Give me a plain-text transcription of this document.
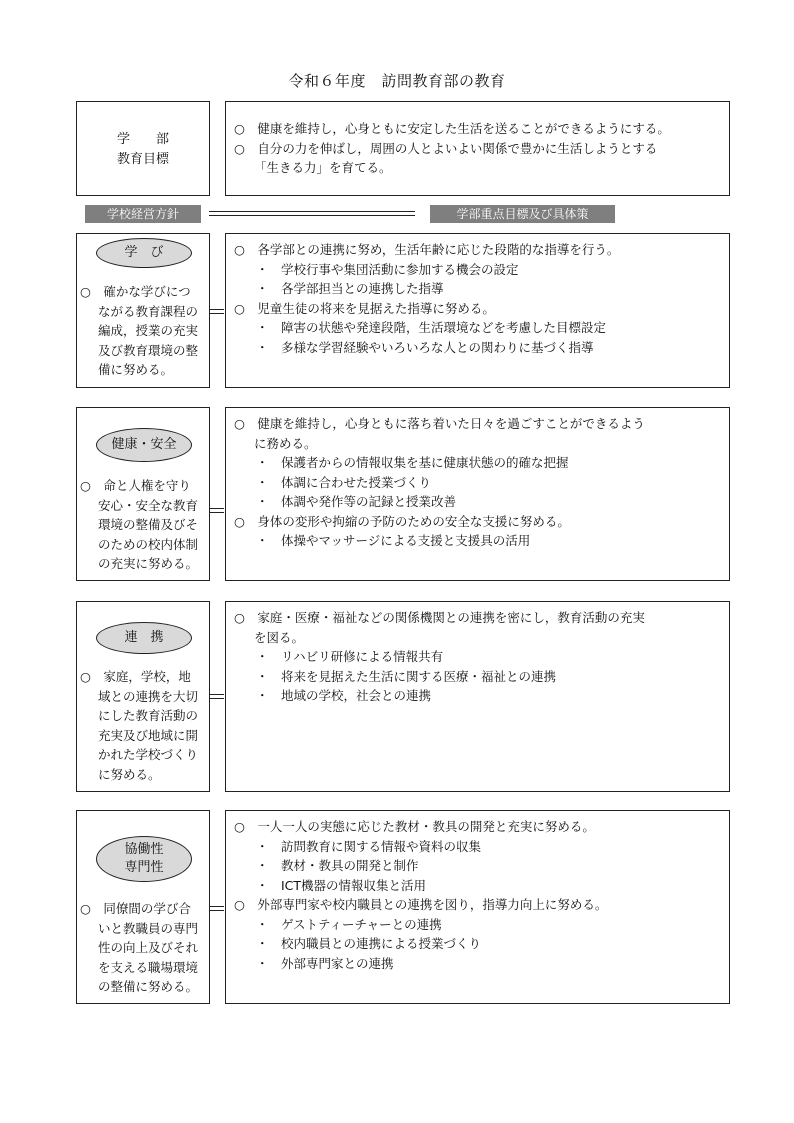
令和６年度　訪問教育部の教育
学　　部
教育目標
○　健康を維持し，心身ともに安定した生活を送ることができるようにする。
○　自分の力を伸ばし，周囲の人とよいよい関係で豊かに生活しようとする
「生きる力」を育てる。
学校経営方針	学部重点目標及び具体策
学　び
○　確かな学びにつ
ながる教育課程の
編成，授業の充実
及び教育環境の整
備に努める。
○　各学部との連携に努め，生活年齢に応じた段階的な指導を行う。
・　学校行事や集団活動に参加する機会の設定
・　各学部担当との連携した指導
○　児童生徒の将来を見据えた指導に努める。
・　障害の状態や発達段階，生活環境などを考慮した目標設定
・　多様な学習経験やいろいろな人との関わりに基づく指導
健康・安全
○　命と人権を守り
安心・安全な教育
環境の整備及びそ
のための校内体制
の充実に努める。
○　健康を維持し，心身ともに落ち着いた日々を過ごすことができるよう
に務める。
・　保護者からの情報収集を基に健康状態の的確な把握
・　体調に合わせた授業づくり
・　体調や発作等の記録と授業改善
○　身体の変形や拘縮の予防のための安全な支援に努める。
・　体操やマッサージによる支援と支援具の活用
連　携
○　家庭，学校，地
域との連携を大切
にした教育活動の
充実及び地域に開
かれた学校づくり
に努める。
○　家庭・医療・福祉などの関係機関との連携を密にし，教育活動の充実
を図る。
・　リハビリ研修による情報共有
・　将来を見据えた生活に関する医療・福祉との連携
・　地域の学校，社会との連携
協働性
専門性
○　同僚間の学び合
いと教職員の専門
性の向上及びそれ
を支える職場環境
の整備に努める。
○　一人一人の実態に応じた教材・教具の開発と充実に努める。
・　訪問教育に関する情報や資料の収集
・　教材・教具の開発と制作
・　ICT機器の情報収集と活用
○　外部専門家や校内職員との連携を図り，指導力向上に努める。
・　ゲストティーチャーとの連携
・　校内職員との連携による授業づくり
・　外部専門家との連携
